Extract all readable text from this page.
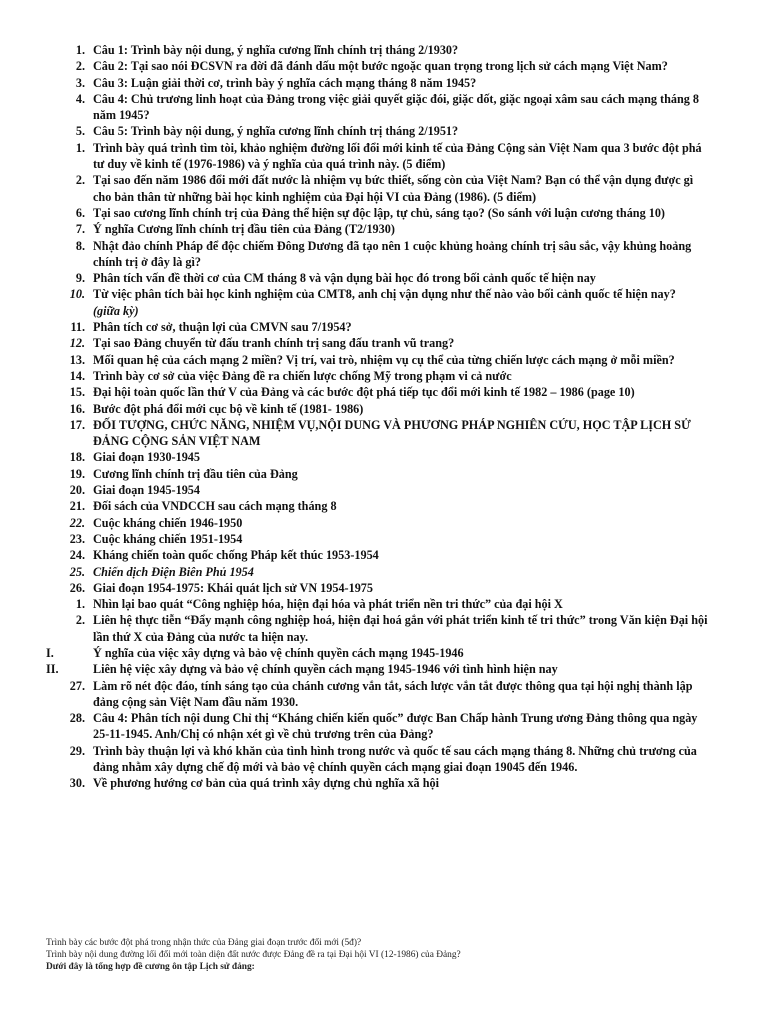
1. Câu 1: Trình bày nội dung, ý nghĩa cương lĩnh chính trị tháng 2/1930?
2. Câu 2: Tại sao nói ĐCSVN ra đời đã đánh dấu một bước ngoặc quan trọng trong lịch sử cách mạng Việt Nam?
3. Câu 3: Luận giải thời cơ, trình bày ý nghĩa cách mạng tháng 8 năm 1945?
4. Câu 4: Chủ trương linh hoạt của Đảng trong việc giải quyết giặc đói, giặc dốt, giặc ngoại xâm sau cách mạng tháng 8 năm 1945?
5. Câu 5: Trình bày nội dung, ý nghĩa cương lĩnh chính trị tháng 2/1951?
1. Trình bày quá trình tìm tòi, khảo nghiệm đường lối đổi mới kinh tế của Đảng Cộng sản Việt Nam qua 3 bước đột phá tư duy về kinh tế (1976-1986) và ý nghĩa của quá trình này. (5 điểm)
2. Tại sao đến năm 1986 đổi mới đất nước là nhiệm vụ bức thiết, sống còn của Việt Nam? Bạn có thể vận dụng được gì cho bản thân từ những bài học kinh nghiệm của Đại hội VI của Đảng (1986). (5 điểm)
6. Tại sao cương lĩnh chính trị của Đảng thể hiện sự độc lập, tự chủ, sáng tạo? (So sánh với luận cương tháng 10)
7. Ý nghĩa Cương lĩnh chính trị đầu tiên của Đảng (T2/1930)
8. Nhật đảo chính Pháp để độc chiếm Đông Dương đã tạo nên 1 cuộc khủng hoảng chính trị sâu sắc, vậy khủng hoảng chính trị ở đây là gì?
9. Phân tích vấn đề thời cơ của CM tháng 8 và vận dụng bài học đó trong bối cảnh quốc tế hiện nay
10. Từ việc phân tích bài học kinh nghiệm của CMT8, anh chị vận dụng như thế nào vào bối cảnh quốc tế hiện nay?
(giữa kỳ)
11. Phân tích cơ sở, thuận lợi của CMVN sau 7/1954?
12. Tại sao Đảng chuyển từ đấu tranh chính trị sang đấu tranh vũ trang?
13. Mối quan hệ của cách mạng 2 miền? Vị trí, vai trò, nhiệm vụ cụ thể của từng chiến lược cách mạng ở mỗi miền?
14. Trình bày cơ sở của việc Đảng đề ra chiến lược chống Mỹ trong phạm vi cả nước
15. Đại hội toàn quốc lần thứ V của Đảng và các bước đột phá tiếp tục đổi mới kinh tế 1982 – 1986 (page 10)
16. Bước đột phá đổi mới cục bộ về kinh tế (1981- 1986)
17. ĐỐI TƯỢNG, CHỨC NĂNG, NHIỆM VỤ,NỘI DUNG VÀ PHƯƠNG PHÁP NGHIÊN CỨU, HỌC TẬP LỊCH SỬ ĐẢNG CỘNG SẢN VIỆT NAM
18. Giai đoạn 1930-1945
19. Cương lĩnh chính trị đầu tiên của Đảng
20. Giai đoạn 1945-1954
21. Đối sách của VNDCCH sau cách mạng tháng 8
22. Cuộc kháng chiến 1946-1950
23. Cuộc kháng chiến 1951-1954
24. Kháng chiến toàn quốc chống Pháp kết thúc 1953-1954
25. Chiến dịch Điện Biên Phủ 1954
26. Giai đoạn 1954-1975: Khái quát lịch sử VN 1954-1975
1. Nhìn lại bao quát “Công nghiệp hóa, hiện đại hóa và phát triển nền tri thức” của đại hội X
2. Liên hệ thực tiễn “Đẩy mạnh công nghiệp hoá, hiện đại hoá gắn với phát triển kinh tế tri thức” trong Văn kiện Đại hội lần thứ X của Đảng của nước ta hiện nay.
I.	Ý nghĩa của việc xây dựng và bảo vệ chính quyền cách mạng 1945-1946
II.	Liên hệ việc xây dựng và bảo vệ chính quyền cách mạng 1945-1946 với tình hình hiện nay
27. Làm rõ nét độc đáo, tính sáng tạo của chánh cương vắn tắt, sách lược vắn tắt được thông qua tại hội nghị thành lập đảng cộng sản Việt Nam đầu năm 1930.
28. Câu 4: Phân tích nội dung Chỉ thị “Kháng chiến kiến quốc” được Ban Chấp hành Trung ương Đảng thông qua ngày 25-11-1945. Anh/Chị có nhận xét gì về chủ trương trên của Đảng?
29. Trình bày thuận lợi và khó khăn của tình hình trong nước và quốc tế sau cách mạng tháng 8. Những chủ trương của đảng nhằm xây dựng chế độ mới và bảo vệ chính quyền cách mạng giai đoạn 19045 đến 1946.
30. Về phương hướng cơ bản của quá trình xây dựng chủ nghĩa xã hội
Trình bày các bước đột phá trong nhận thức của Đảng giai đoạn trước đổi mới (5đ)?
Trình bày nội dung đường lối đổi mới toàn diện đất nước được Đảng đề ra tại Đại hội VI (12-1986) của Đảng?
Dưới đây là tổng hợp đề cương ôn tập Lịch sử đảng:
